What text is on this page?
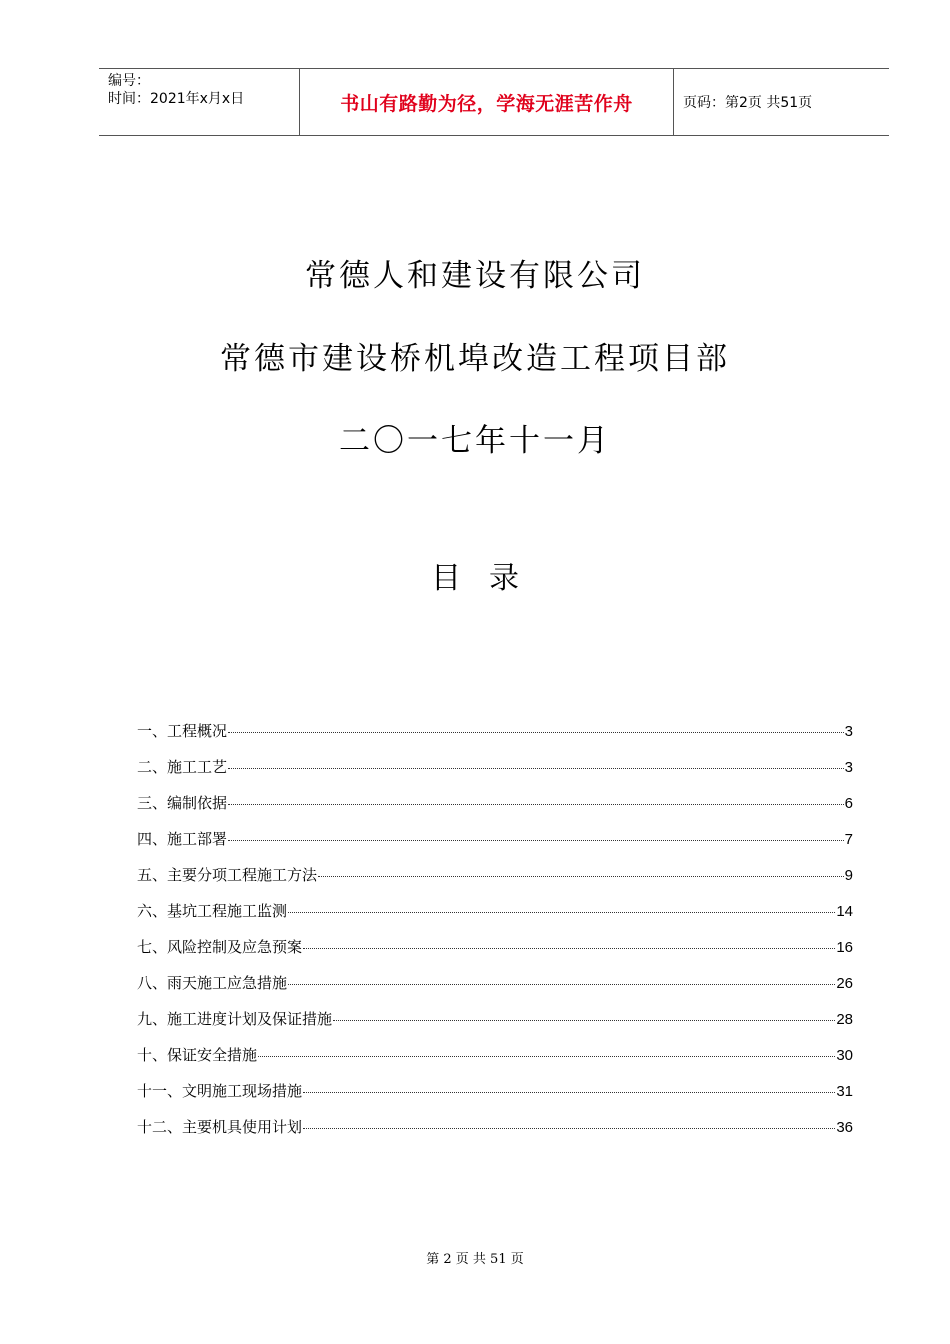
编号：
时间：2021年x月x日	书山有路勤为径，学海无涯苦作舟	页码：第2页 共51页
常德人和建设有限公司
常德市建设桥机埠改造工程项目部
二〇一七年十一月
目录
一、工程概况	3
二、施工工艺	3
三、编制依据	6
四、施工部署	7
五、主要分项工程施工方法	9
六、基坑工程施工监测	14
七、风险控制及应急预案	16
八、雨天施工应急措施	26
九、施工进度计划及保证措施	28
十、保证安全措施	30
十一、文明施工现场措施	31
十二、主要机具使用计划	36
第 2 页 共 51 页
